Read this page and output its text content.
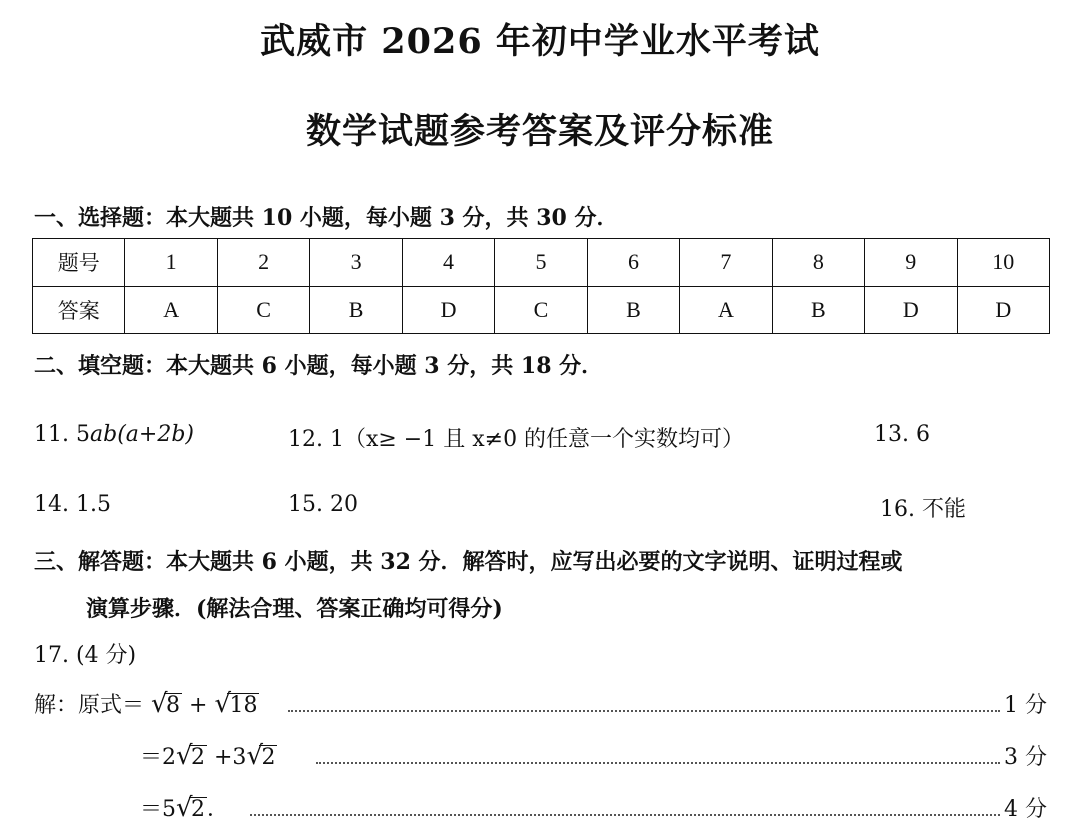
武威市 2026 年初中学业水平考试
数学试题参考答案及评分标准
一、选择题：本大题共 10 小题，每小题 3 分，共 30 分．
题号	1	2	3	4	5	6	7	8	9	10
答案	A	C	B	D	C	B	A	B	D	D
二、填空题：本大题共 6 小题，每小题 3 分，共 18 分．
11. 5ab(a+2b)	12. 1（x≥ −1 且 x≠0 的任意一个实数均可）	13. 6
14. 1.5	15. 20	16. 不能
三、解答题：本大题共 6 小题，共 32 分．解答时，应写出必要的文字说明、证明过程或
演算步骤．(解法合理、答案正确均可得分)
17. (4 分)
解：原式＝ √
8 + √
18	1 分
＝2 √
2 +3 √
2	3 分
＝5 √
2．	4 分
